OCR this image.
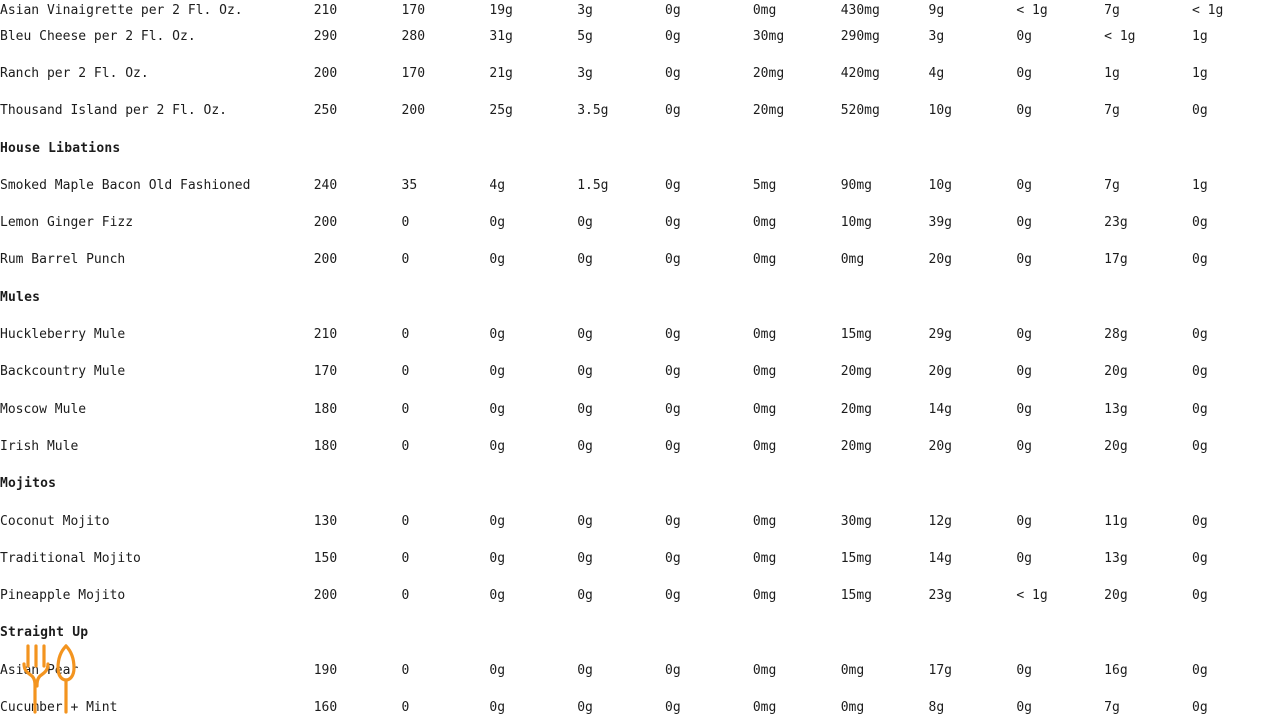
Asian Vinaigrette per 2 Fl. Oz.	210	170	19g	3g	0g	0mg	430mg	9g	< 1g	7g	< 1g
Bleu Cheese per 2 Fl. Oz.	290	280	31g	5g	0g	30mg	290mg	3g	0g	< 1g	1g
Ranch per 2 Fl. Oz.	200	170	21g	3g	0g	20mg	420mg	4g	0g	1g	1g
Thousand Island per 2 Fl. Oz.	250	200	25g	3.5g	0g	20mg	520mg	10g	0g	7g	0g
House Libations											
Smoked Maple Bacon Old Fashioned	240	35	4g	1.5g	0g	5mg	90mg	10g	0g	7g	1g
Lemon Ginger Fizz	200	0	0g	0g	0g	0mg	10mg	39g	0g	23g	0g
Rum Barrel Punch	200	0	0g	0g	0g	0mg	0mg	20g	0g	17g	0g
Mules											
Huckleberry Mule	210	0	0g	0g	0g	0mg	15mg	29g	0g	28g	0g
Backcountry Mule	170	0	0g	0g	0g	0mg	20mg	20g	0g	20g	0g
Moscow Mule	180	0	0g	0g	0g	0mg	20mg	14g	0g	13g	0g
Irish Mule	180	0	0g	0g	0g	0mg	20mg	20g	0g	20g	0g
Mojitos											
Coconut Mojito	130	0	0g	0g	0g	0mg	30mg	12g	0g	11g	0g
Traditional Mojito	150	0	0g	0g	0g	0mg	15mg	14g	0g	13g	0g
Pineapple Mojito	200	0	0g	0g	0g	0mg	15mg	23g	< 1g	20g	0g
Straight Up											
Asian Pear	190	0	0g	0g	0g	0mg	0mg	17g	0g	16g	0g
Cucumber + Mint	160	0	0g	0g	0g	0mg	0mg	8g	0g	7g	0g
